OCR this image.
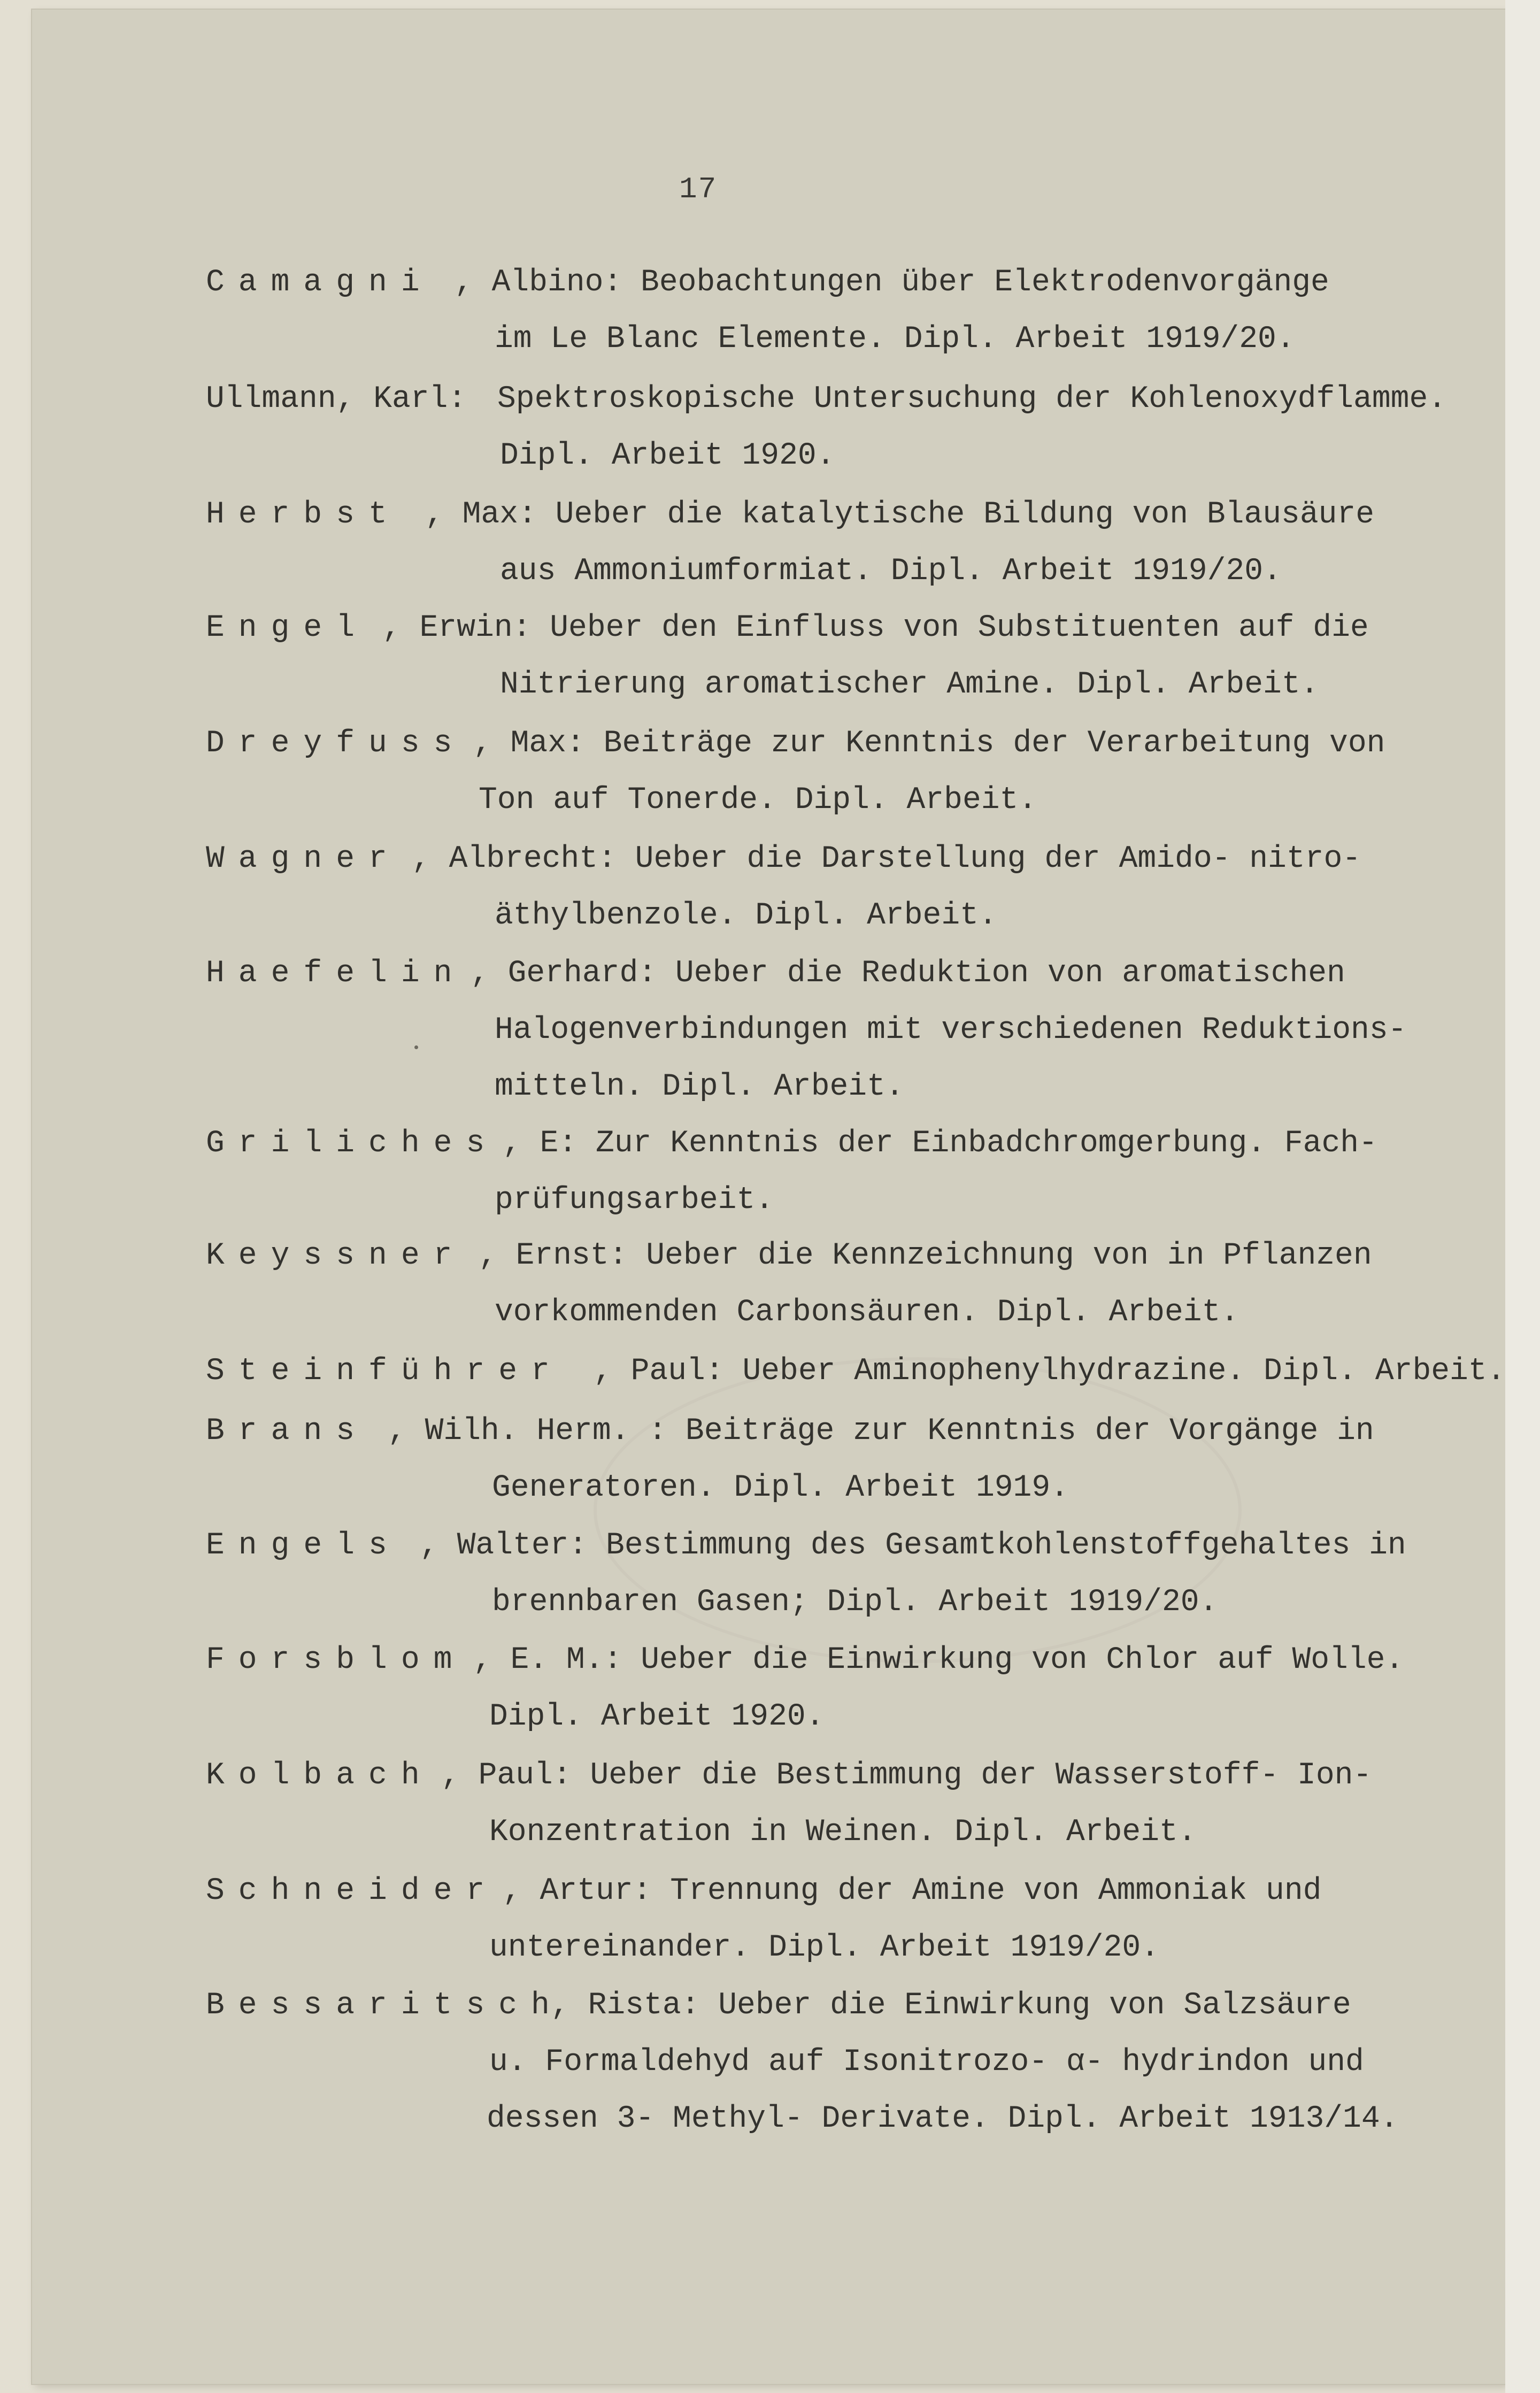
17
Camagni , Albino: Beobachtungen über Elektrodenvorgänge
im Le Blanc Elemente. Dipl. Arbeit 1919/20.
Ullmann, Karl: Spektroskopische Untersuchung der Kohlenoxydflamme.
Dipl. Arbeit 1920.
Herbst , Max: Ueber die katalytische Bildung von Blausäure
aus Ammoniumformiat. Dipl. Arbeit 1919/20.
Engel , Erwin: Ueber den Einfluss von Substituenten auf die
Nitrierung aromatischer Amine. Dipl. Arbeit.
Dreyfuss , Max: Beiträge zur Kenntnis der Verarbeitung von
Ton auf Tonerde. Dipl. Arbeit.
Wagner , Albrecht: Ueber die Darstellung der Amido- nitro-
äthylbenzole. Dipl. Arbeit.
Haefelin , Gerhard: Ueber die Reduktion von aromatischen
Halogenverbindungen mit verschiedenen Reduktions-
mitteln. Dipl. Arbeit.
Griliches , E: Zur Kenntnis der Einbadchromgerbung. Fach-
prüfungsarbeit.
Keyssner , Ernst: Ueber die Kennzeichnung von in Pflanzen
vorkommenden Carbonsäuren. Dipl. Arbeit.
Steinführer , Paul: Ueber Aminophenylhydrazine. Dipl. Arbeit.
Brans , Wilh. Herm. : Beiträge zur Kenntnis der Vorgänge in
Generatoren. Dipl. Arbeit 1919.
Engels , Walter: Bestimmung des Gesamtkohlenstoffgehaltes in
brennbaren Gasen; Dipl. Arbeit 1919/20.
Forsblom , E. M.: Ueber die Einwirkung von Chlor auf Wolle.
Dipl. Arbeit 1920.
Kolbach , Paul: Ueber die Bestimmung der Wasserstoff- Ion-
Konzentration in Weinen. Dipl. Arbeit.
Schneider , Artur: Trennung der Amine von Ammoniak und
untereinander. Dipl. Arbeit 1919/20.
Bessaritsch
, Rista: Ueber die Einwirkung von Salzsäure
u. Formaldehyd auf Isonitrozo- α- hydrindon und
dessen 3- Methyl- Derivate. Dipl. Arbeit 1913/14.
